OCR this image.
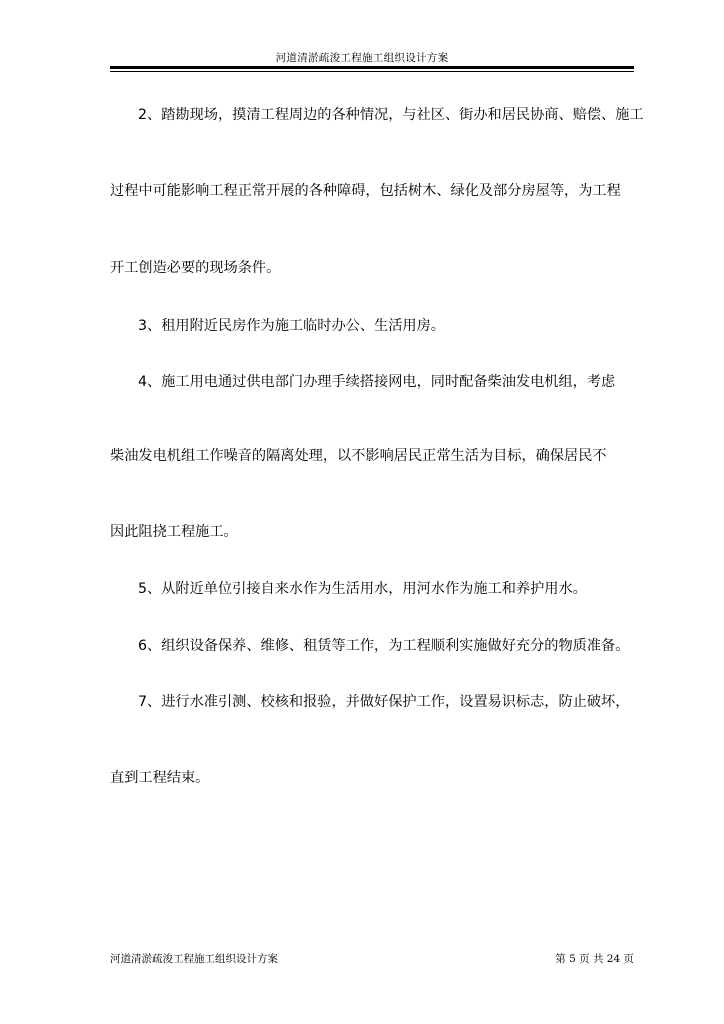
河道清淤疏浚工程施工组织设计方案
2、踏勘现场，摸清工程周边的各种情况，与社区、街办和居民协商、赔偿、施工
过程中可能影响工程正常开展的各种障碍，包括树木、绿化及部分房屋等，为工程
开工创造必要的现场条件。
3、租用附近民房作为施工临时办公、生活用房。
4、施工用电通过供电部门办理手续搭接网电，同时配备柴油发电机组，考虑
柴油发电机组工作噪音的隔离处理，以不影响居民正常生活为目标，确保居民不
因此阻挠工程施工。
5、从附近单位引接自来水作为生活用水，用河水作为施工和养护用水。
6、组织设备保养、维修、租赁等工作，为工程顺利实施做好充分的物质准备。
7、进行水准引测、校核和报验，并做好保护工作，设置易识标志，防止破坏，
直到工程结束。
河道清淤疏浚工程施工组织设计方案	第 5 页 共 24 页
